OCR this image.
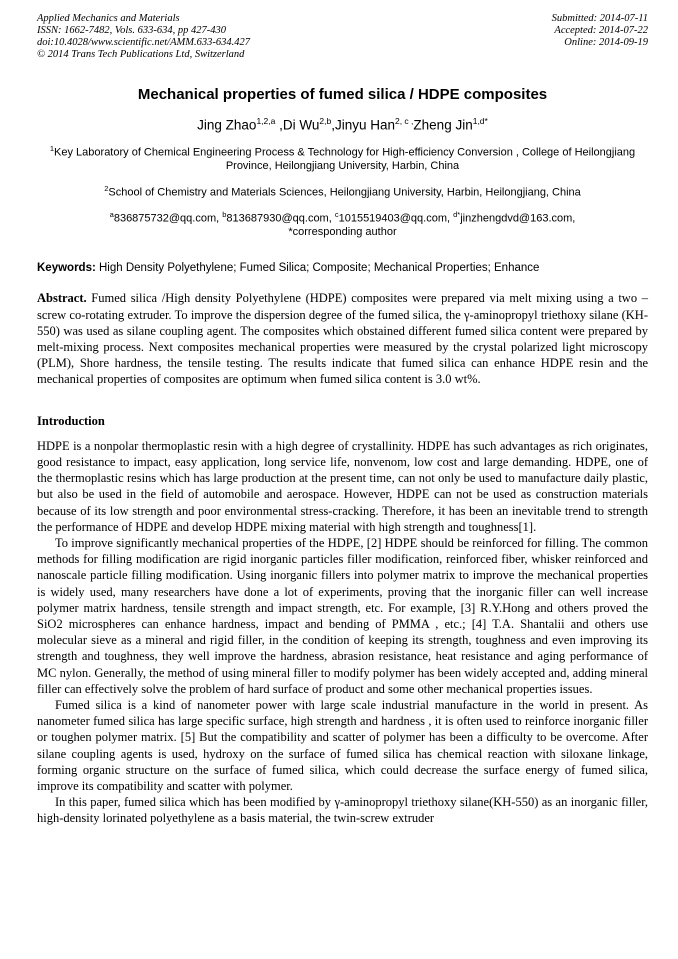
Applied Mechanics and Materials
ISSN: 1662-7482, Vols. 633-634, pp 427-430
doi:10.4028/www.scientific.net/AMM.633-634.427
© 2014 Trans Tech Publications Ltd, Switzerland
Submitted: 2014-07-11
Accepted: 2014-07-22
Online: 2014-09-19
Mechanical properties of fumed silica / HDPE composites
Jing Zhao$^{1,2,a}$ ,Di Wu$^{2,b}$,Jinyu Han$^{2, c ,}$Zheng Jin$^{1,d*}$
$^1$Key Laboratory of Chemical Engineering Process & Technology for High-efficiency Conversion , College of Heilongjiang Province, Heilongjiang University, Harbin, China
$^2$School of Chemistry and Materials Sciences, Heilongjiang University, Harbin, Heilongjiang, China
$^a$836875732@qq.com, $^b$813687930@qq.com, $^c$1015519403@qq.com, $^{d*}$jinzhengdvd@163.com,
*corresponding author
Keywords: High Density Polyethylene; Fumed Silica; Composite; Mechanical Properties; Enhance

Abstract. Fumed silica /High density Polyethylene (HDPE) composites were prepared via melt mixing using a two –screw co-rotating extruder. To improve the dispersion degree of the fumed silica, the γ-aminopropyl triethoxy silane (KH-550) was used as silane coupling agent. The composites which obstained different fumed silica content were prepared by melt-mixing process. Next composites mechanical properties were measured by the crystal polarized light microscopy (PLM), Shore hardness, the tensile testing. The results indicate that fumed silica can enhance HDPE resin and the mechanical properties of composites are optimum when fumed silica content is 3.0 wt%.

Introduction

HDPE is a nonpolar thermoplastic resin with a high degree of crystallinity. HDPE has such advantages as rich originates, good resistance to impact, easy application, long service life, nonvenom, low cost and large demanding. HDPE, one of the thermoplastic resins which has large production at the present time, can not only be used to manufacture daily plastic, but also be used in the field of automobile and aerospace. However, HDPE can not be used as construction materials because of its low strength and poor environmental stress-cracking. Therefore, it has been an inevitable trend to strength the performance of HDPE and develop HDPE mixing material with high strength and toughness[1].

To improve significantly mechanical properties of the HDPE, [2] HDPE should be reinforced for filling. The common methods for filling modification are rigid inorganic particles filler modification, reinforced fiber, whisker reinforced and nanoscale particle filling modification. Using inorganic fillers into polymer matrix to improve the mechanical properties is widely used, many researchers have done a lot of experiments, proving that the inorganic filler can well increase polymer matrix hardness, tensile strength and impact strength, etc. For example, [3] R.Y.Hong and others proved the SiO2 microspheres can enhance hardness, impact and bending of PMMA , etc.; [4] T.A. Shantalii and others use molecular sieve as a mineral and rigid filler, in the condition of keeping its strength, toughness and even improving its strength and toughness, they well improve the hardness, abrasion resistance, heat resistance and aging performance of MC nylon. Generally, the method of using mineral filler to modify polymer has been widely accepted and, adding mineral filler can effectively solve the problem of hard surface of product and some other mechanical properties issues.

Fumed silica is a kind of nanometer power with large scale industrial manufacture in the world in present. As nanometer fumed silica has large specific surface, high strength and hardness , it is often used to reinforce inorganic filler or toughen polymer matrix. [5] But the compatibility and scatter of polymer has been a difficulty to be overcome. After silane coupling agents is used, hydroxy on the surface of fumed silica has chemical reaction with siloxane linkage, forming organic structure on the surface of fumed silica, which could decrease the surface energy of fumed silica, improve its compatibility and scatter with polymer.

In this paper, fumed silica which has been modified by γ-aminopropyl triethoxy silane(KH-550) as an inorganic filler, high-density lorinated polyethylene as a basis material, the twin-screw extruder
